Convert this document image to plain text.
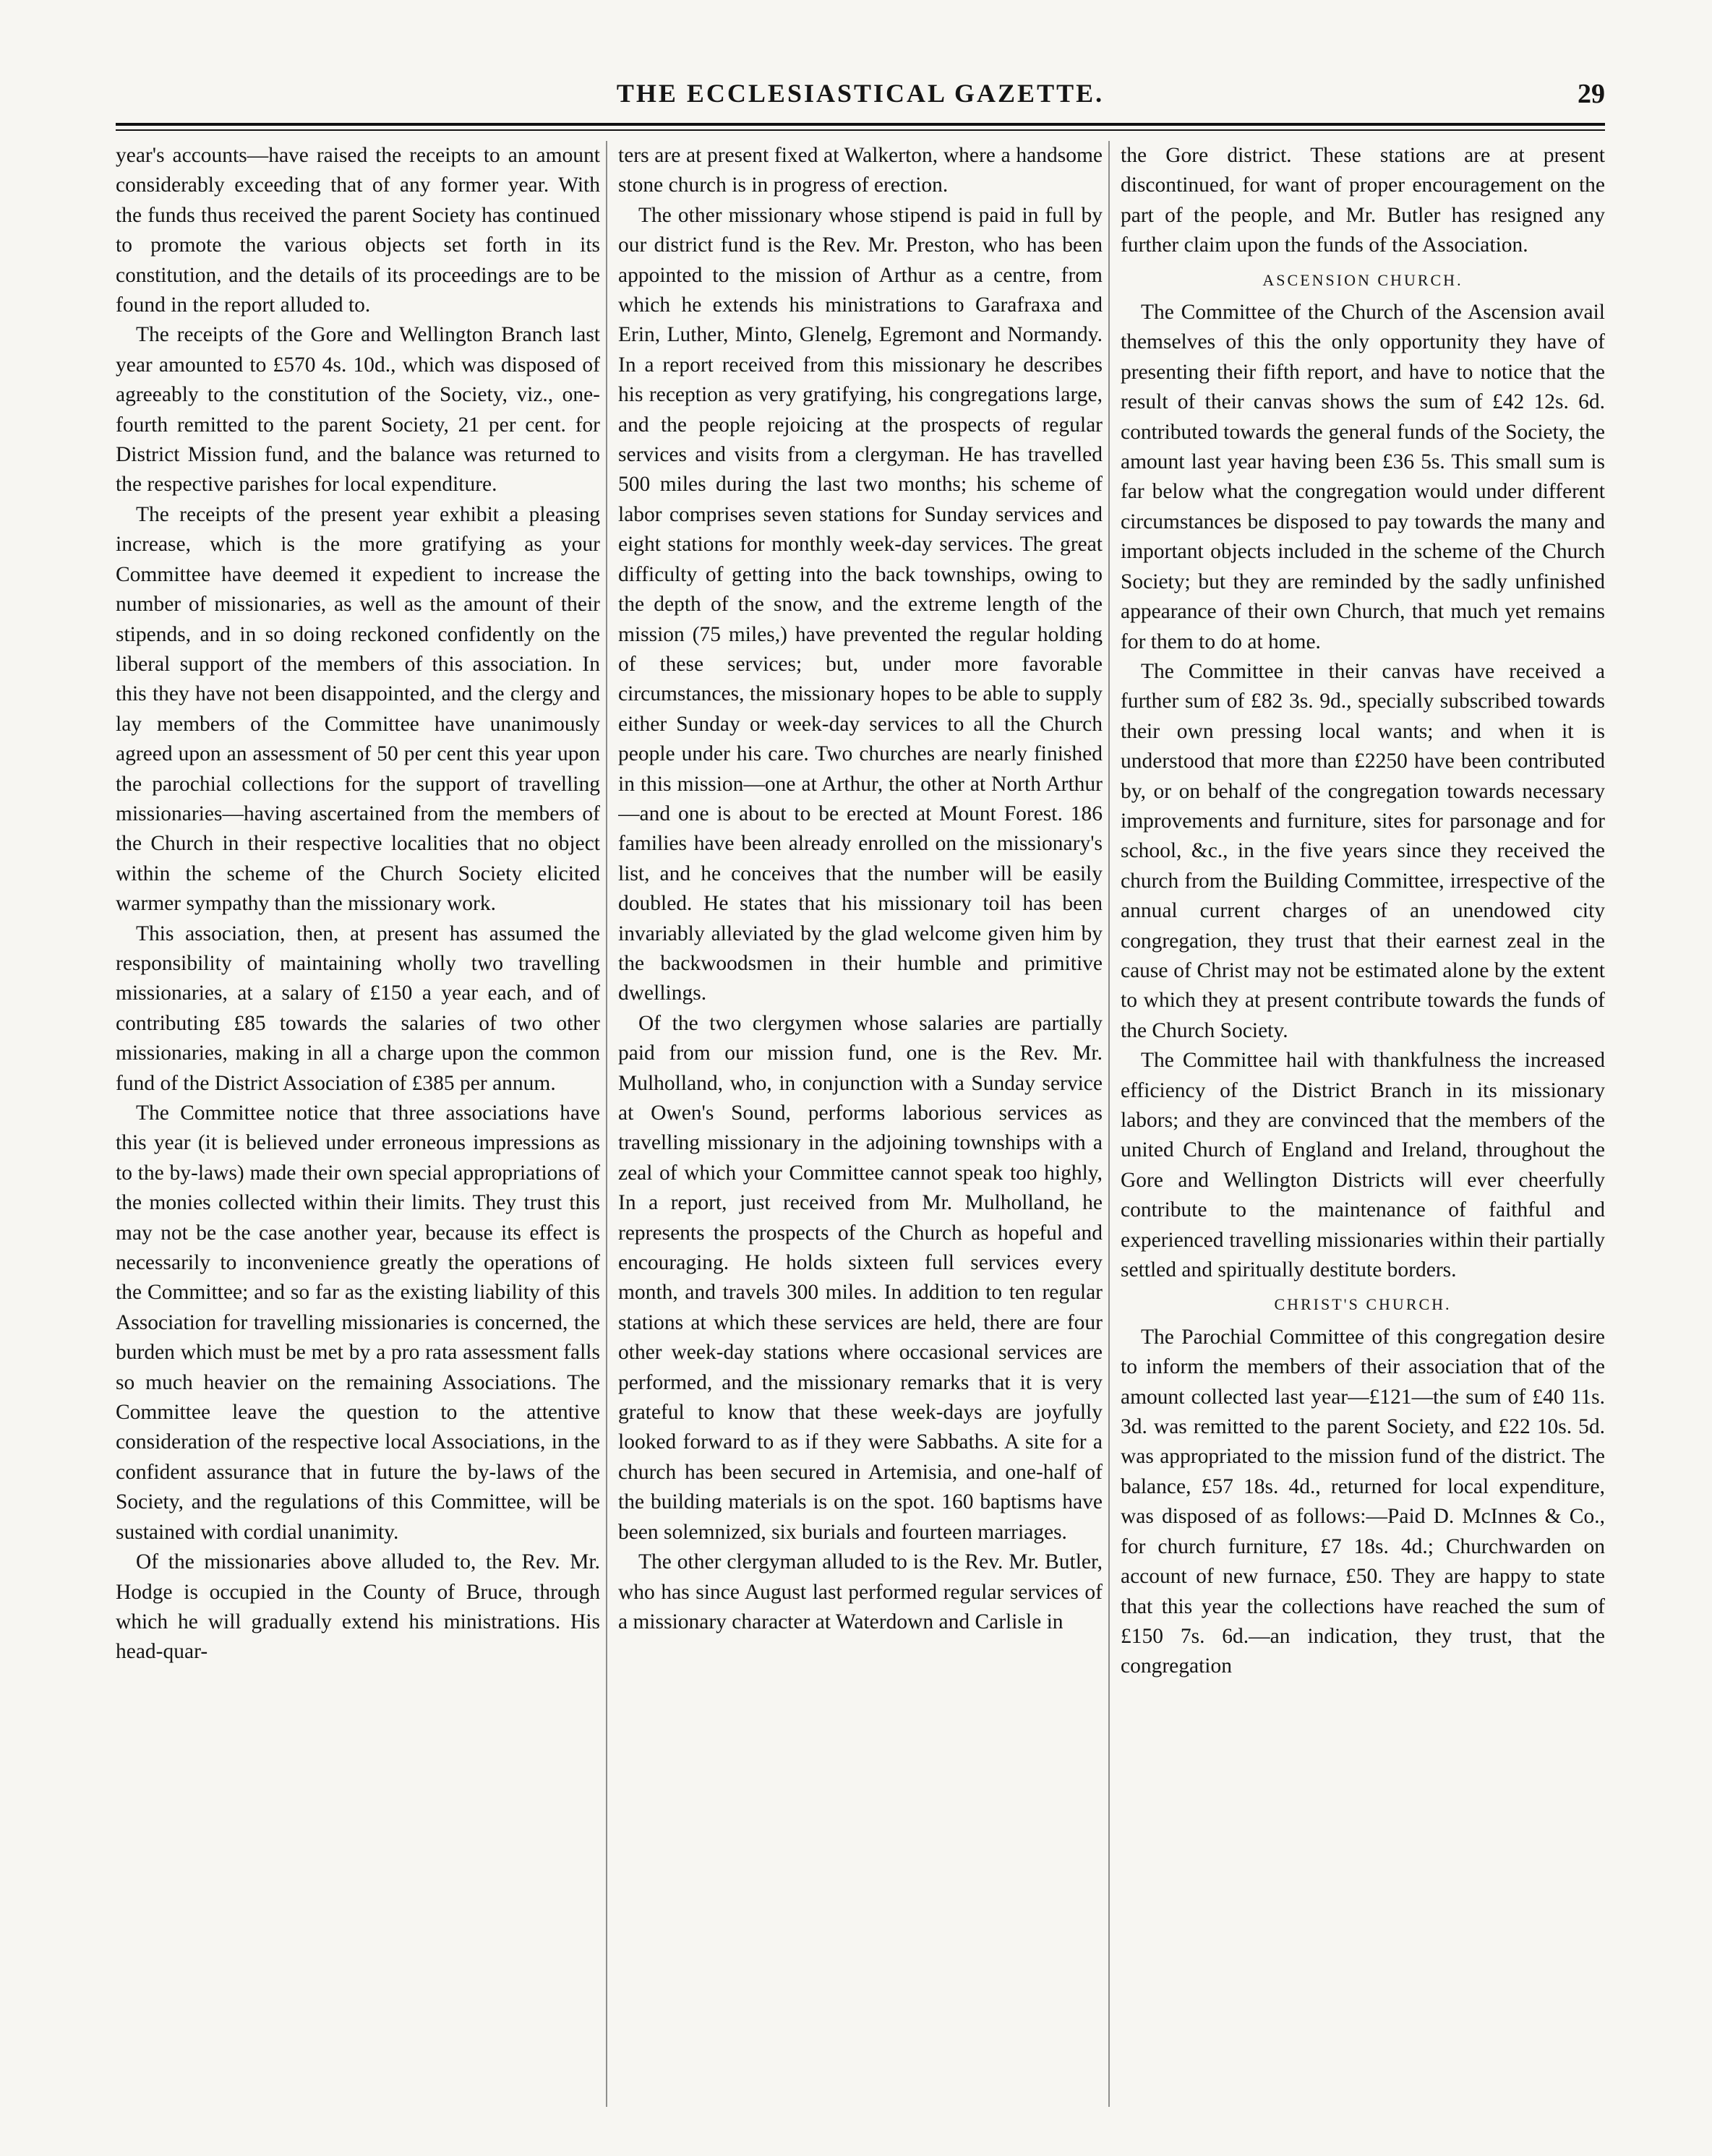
THE ECCLESIASTICAL GAZETTE.	29

year's accounts—have raised the receipts to an amount considerably exceeding that of any former year. With the funds thus received the parent Society has continued to promote the various objects set forth in its constitution, and the details of its proceedings are to be found in the report alluded to.

The receipts of the Gore and Wellington Branch last year amounted to £570 4s. 10d., which was disposed of agreeably to the constitution of the Society, viz., one-fourth remitted to the parent Society, 21 per cent. for District Mission fund, and the balance was returned to the respective parishes for local expenditure.

The receipts of the present year exhibit a pleasing increase, which is the more gratifying as your Committee have deemed it expedient to increase the number of missionaries, as well as the amount of their stipends, and in so doing reckoned confidently on the liberal support of the members of this association. In this they have not been disappointed, and the clergy and lay members of the Committee have unanimously agreed upon an assessment of 50 per cent this year upon the parochial collections for the support of travelling missionaries—having ascertained from the members of the Church in their respective localities that no object within the scheme of the Church Society elicited warmer sympathy than the missionary work.

This association, then, at present has assumed the responsibility of maintaining wholly two travelling missionaries, at a salary of £150 a year each, and of contributing £85 towards the salaries of two other missionaries, making in all a charge upon the common fund of the District Association of £385 per annum.

The Committee notice that three associations have this year (it is believed under erroneous impressions as to the by-laws) made their own special appropriations of the monies collected within their limits. They trust this may not be the case another year, because its effect is necessarily to inconvenience greatly the operations of the Committee; and so far as the existing liability of this Association for travelling missionaries is concerned, the burden which must be met by a pro rata assessment falls so much heavier on the remaining Associations. The Committee leave the question to the attentive consideration of the respective local Associations, in the confident assurance that in future the by-laws of the Society, and the regulations of this Committee, will be sustained with cordial unanimity.

Of the missionaries above alluded to, the Rev. Mr. Hodge is occupied in the County of Bruce, through which he will gradually extend his ministrations. His head-quar-

ters are at present fixed at Walkerton, where a handsome stone church is in progress of erection.

The other missionary whose stipend is paid in full by our district fund is the Rev. Mr. Preston, who has been appointed to the mission of Arthur as a centre, from which he extends his ministrations to Garafraxa and Erin, Luther, Minto, Glenelg, Egremont and Normandy. In a report received from this missionary he describes his reception as very gratifying, his congregations large, and the people rejoicing at the prospects of regular services and visits from a clergyman. He has travelled 500 miles during the last two months; his scheme of labor comprises seven stations for Sunday services and eight stations for monthly week-day services. The great difficulty of getting into the back townships, owing to the depth of the snow, and the extreme length of the mission (75 miles,) have prevented the regular holding of these services; but, under more favorable circumstances, the missionary hopes to be able to supply either Sunday or week-day services to all the Church people under his care. Two churches are nearly finished in this mission—one at Arthur, the other at North Arthur—and one is about to be erected at Mount Forest. 186 families have been already enrolled on the missionary's list, and he conceives that the number will be easily doubled. He states that his missionary toil has been invariably alleviated by the glad welcome given him by the backwoodsmen in their humble and primitive dwellings.

Of the two clergymen whose salaries are partially paid from our mission fund, one is the Rev. Mr. Mulholland, who, in conjunction with a Sunday service at Owen's Sound, performs laborious services as travelling missionary in the adjoining townships with a zeal of which your Committee cannot speak too highly, In a report, just received from Mr. Mulholland, he represents the prospects of the Church as hopeful and encouraging. He holds sixteen full services every month, and travels 300 miles. In addition to ten regular stations at which these services are held, there are four other week-day stations where occasional services are performed, and the missionary remarks that it is very grateful to know that these week-days are joyfully looked forward to as if they were Sabbaths. A site for a church has been secured in Artemisia, and one-half of the building materials is on the spot. 160 baptisms have been solemnized, six burials and fourteen marriages.

The other clergyman alluded to is the Rev. Mr. Butler, who has since August last performed regular services of a missionary character at Waterdown and Carlisle in

the Gore district. These stations are at present discontinued, for want of proper encouragement on the part of the people, and Mr. Butler has resigned any further claim upon the funds of the Association.

ASCENSION CHURCH.

The Committee of the Church of the Ascension avail themselves of this the only opportunity they have of presenting their fifth report, and have to notice that the result of their canvas shows the sum of £42 12s. 6d. contributed towards the general funds of the Society, the amount last year having been £36 5s. This small sum is far below what the congregation would under different circumstances be disposed to pay towards the many and important objects included in the scheme of the Church Society; but they are reminded by the sadly unfinished appearance of their own Church, that much yet remains for them to do at home.

The Committee in their canvas have received a further sum of £82 3s. 9d., specially subscribed towards their own pressing local wants; and when it is understood that more than £2250 have been contributed by, or on behalf of the congregation towards necessary improvements and furniture, sites for parsonage and for school, &c., in the five years since they received the church from the Building Committee, irrespective of the annual current charges of an unendowed city congregation, they trust that their earnest zeal in the cause of Christ may not be estimated alone by the extent to which they at present contribute towards the funds of the Church Society.

The Committee hail with thankfulness the increased efficiency of the District Branch in its missionary labors; and they are convinced that the members of the united Church of England and Ireland, throughout the Gore and Wellington Districts will ever cheerfully contribute to the maintenance of faithful and experienced travelling missionaries within their partially settled and spiritually destitute borders.

CHRIST'S CHURCH.

The Parochial Committee of this congregation desire to inform the members of their association that of the amount collected last year—£121—the sum of £40 11s. 3d. was remitted to the parent Society, and £22 10s. 5d. was appropriated to the mission fund of the district. The balance, £57 18s. 4d., returned for local expenditure, was disposed of as follows:—Paid D. McInnes & Co., for church furniture, £7 18s. 4d.; Churchwarden on account of new furnace, £50. They are happy to state that this year the collections have reached the sum of £150 7s. 6d.—an indication, they trust, that the congregation
